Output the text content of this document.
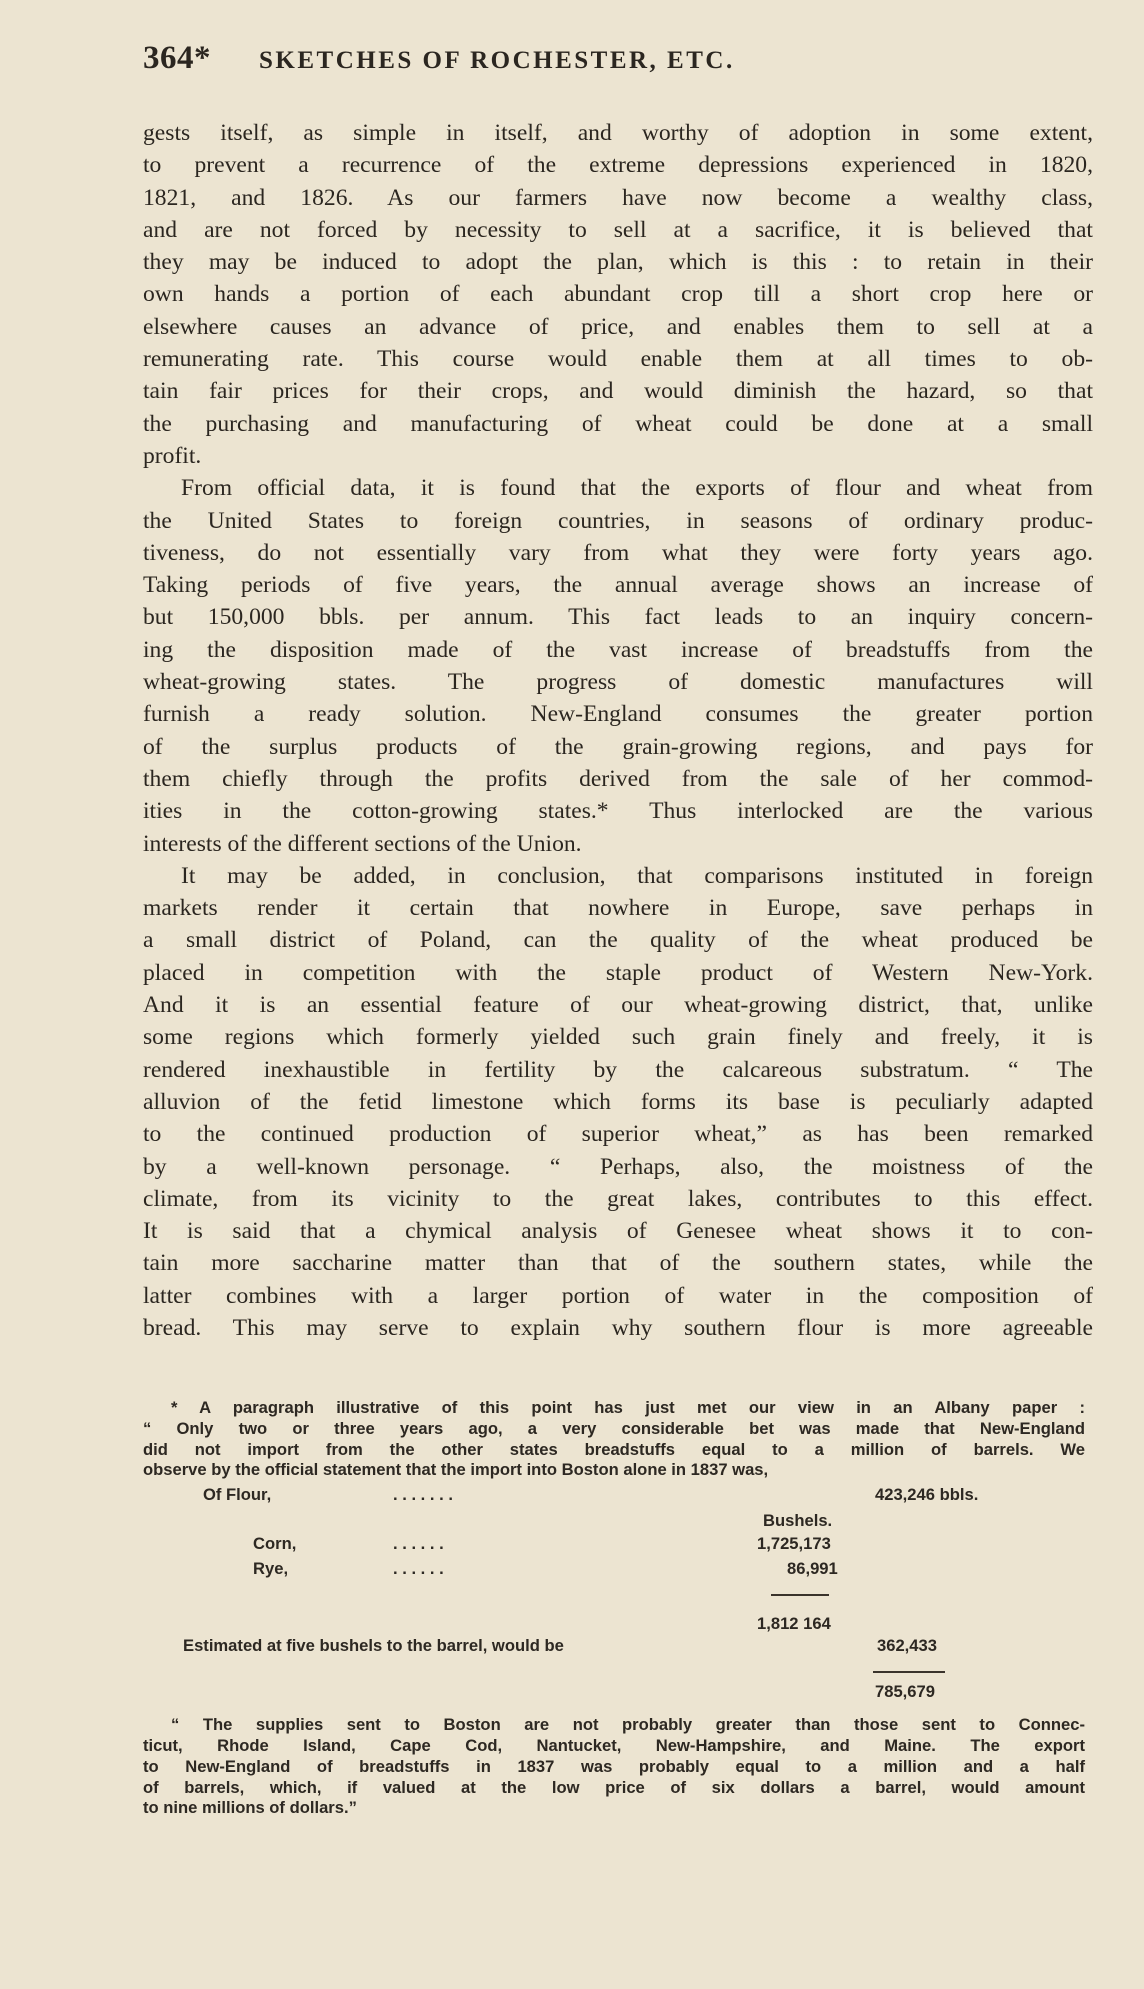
364* SKETCHES OF ROCHESTER, ETC.
gests itself, as simple in itself, and worthy of adoption in some extent,
to prevent a recurrence of the extreme depressions experienced in 1820,
1821, and 1826. As our farmers have now become a wealthy class,
and are not forced by necessity to sell at a sacrifice, it is believed that
they may be induced to adopt the plan, which is this : to retain in their
own hands a portion of each abundant crop till a short crop here or
elsewhere causes an advance of price, and enables them to sell at a
remunerating rate. This course would enable them at all times to ob-
tain fair prices for their crops, and would diminish the hazard, so that
the purchasing and manufacturing of wheat could be done at a small
profit.
From official data, it is found that the exports of flour and wheat from
the United States to foreign countries, in seasons of ordinary produc-
tiveness, do not essentially vary from what they were forty years ago.
Taking periods of five years, the annual average shows an increase of
but 150,000 bbls. per annum. This fact leads to an inquiry concern-
ing the disposition made of the vast increase of breadstuffs from the
wheat-growing states. The progress of domestic manufactures will
furnish a ready solution. New-England consumes the greater portion
of the surplus products of the grain-growing regions, and pays for
them chiefly through the profits derived from the sale of her commod-
ities in the cotton-growing states.* Thus interlocked are the various
interests of the different sections of the Union.
It may be added, in conclusion, that comparisons instituted in foreign
markets render it certain that nowhere in Europe, save perhaps in
a small district of Poland, can the quality of the wheat produced be
placed in competition with the staple product of Western New-York.
And it is an essential feature of our wheat-growing district, that, unlike
some regions which formerly yielded such grain finely and freely, it is
rendered inexhaustible in fertility by the calcareous substratum. “ The
alluvion of the fetid limestone which forms its base is peculiarly adapted
to the continued production of superior wheat,” as has been remarked
by a well-known personage. “ Perhaps, also, the moistness of the
climate, from its vicinity to the great lakes, contributes to this effect.
It is said that a chymical analysis of Genesee wheat shows it to con-
tain more saccharine matter than that of the southern states, while the
latter combines with a larger portion of water in the composition of
bread. This may serve to explain why southern flour is more agreeable
* A paragraph illustrative of this point has just met our view in an Albany paper :
“ Only two or three years ago, a very considerable bet was made that New-England
did not import from the other states breadstuffs equal to a million of barrels. We
observe by the official statement that the import into Boston alone in 1837 was,
Of Flour,	. . . . . . .	423,246 bbls.
Bushels.
Corn,	. . . . . .	1,725,173
Rye,	. . . . . .	86,991
1,812 164
Estimated at five bushels to the barrel, would be	362,433
785,679
“ The supplies sent to Boston are not probably greater than those sent to Connec-
ticut, Rhode Island, Cape Cod, Nantucket, New-Hampshire, and Maine. The export
to New-England of breadstuffs in 1837 was probably equal to a million and a half
of barrels, which, if valued at the low price of six dollars a barrel, would amount
to nine millions of dollars.”
